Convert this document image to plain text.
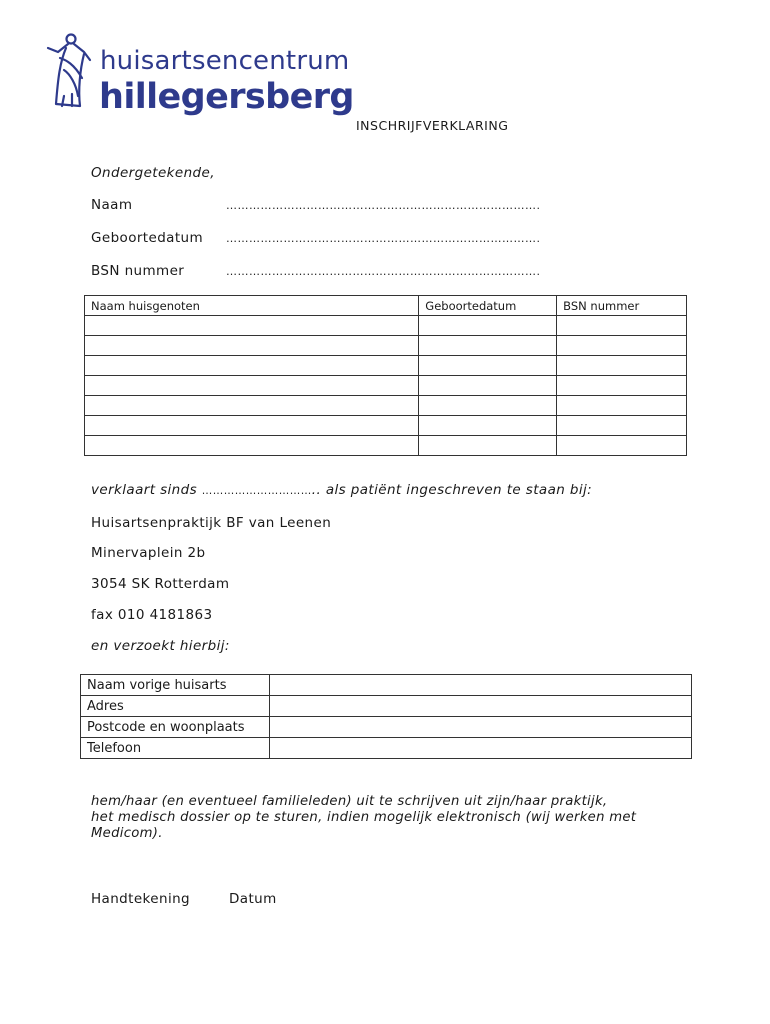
huisartsencentrum
hillegersberg
INSCHRIJFVERKLARING
Ondergetekende,
Naam	……………………………………………………………………….
Geboortedatum ……………………………………………………………………….
BSN nummer	……………………………………………………………………….
Naam huisgenoten	Geboortedatum	BSN nummer

verklaart sinds ………………………….. als patiënt ingeschreven te staan bij:
Huisartsenpraktijk BF van Leenen
Minervaplein 2b
3054 SK Rotterdam
fax 010 4181863
en verzoekt hierbij:
Naam vorige huisarts	
Adres	
Postcode en woonplaats	
Telefoon	
hem/haar (en eventueel familieleden) uit te schrijven uit zijn/haar praktijk,
het medisch dossier op te sturen, indien mogelijk elektronisch (wij werken met
Medicom).
Handtekening	Datum
